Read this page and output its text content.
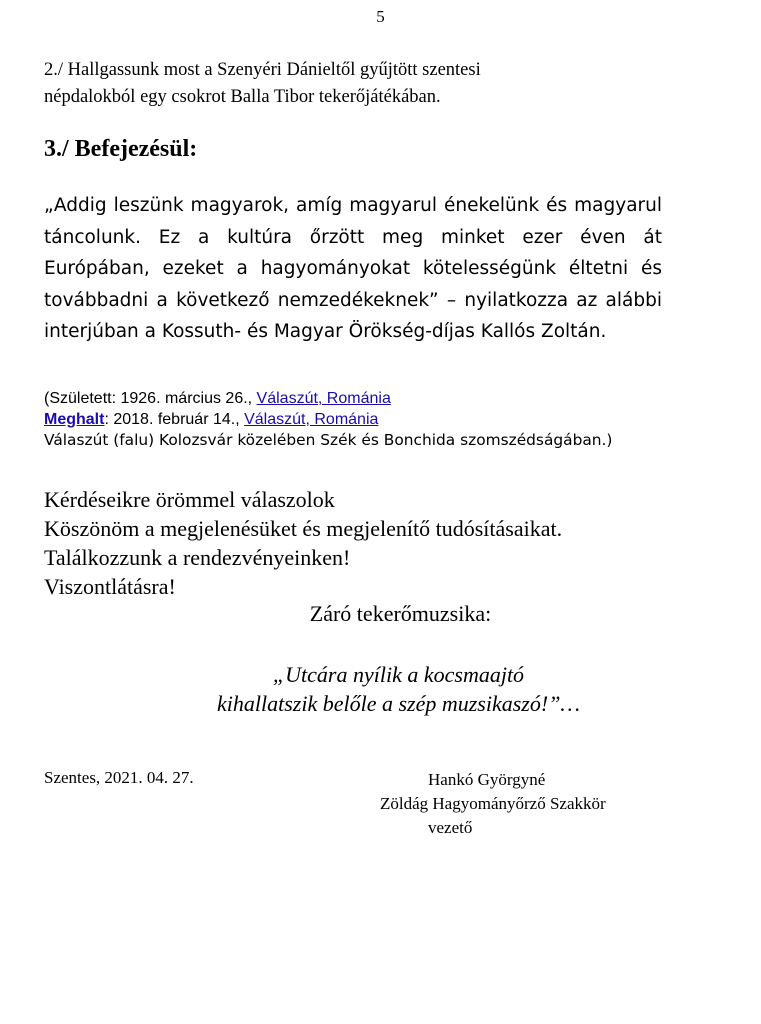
5
2./ Hallgassunk most a Szenyéri Dánieltől gyűjtött szentesi
népdalokból egy csokrot Balla Tibor tekerőjátékában.
3./ Befejezésül:
„Addig leszünk magyarok, amíg magyarul énekelünk és magyarul táncolunk. Ez a kultúra őrzött meg minket ezer éven át Európában, ezeket a hagyományokat kötelességünk éltetni és továbbadni a következő nemzedékeknek” – nyilatkozza az alábbi interjúban a Kossuth- és Magyar Örökség-díjas Kallós Zoltán.
(Született: 1926. március 26., Válaszút, Románia
Meghalt: 2018. február 14., Válaszút, Románia
Válaszút (falu) Kolozsvár közelében Szék és Bonchida szomszédságában.)
Kérdéseikre örömmel válaszolok
Köszönöm a megjelenésüket és megjelenítő tudósításaikat.
Találkozzunk a rendezvényeinken!
Viszontlátásra!
Záró tekerőmuzsika:
„Utcára nyílik a kocsmaajtó
kihallatszik belőle a szép muzsikaszó!”…
Szentes, 2021. 04. 27.	Hankó Györgyné
Zöldág Hagyományőrző Szakkör
vezető
